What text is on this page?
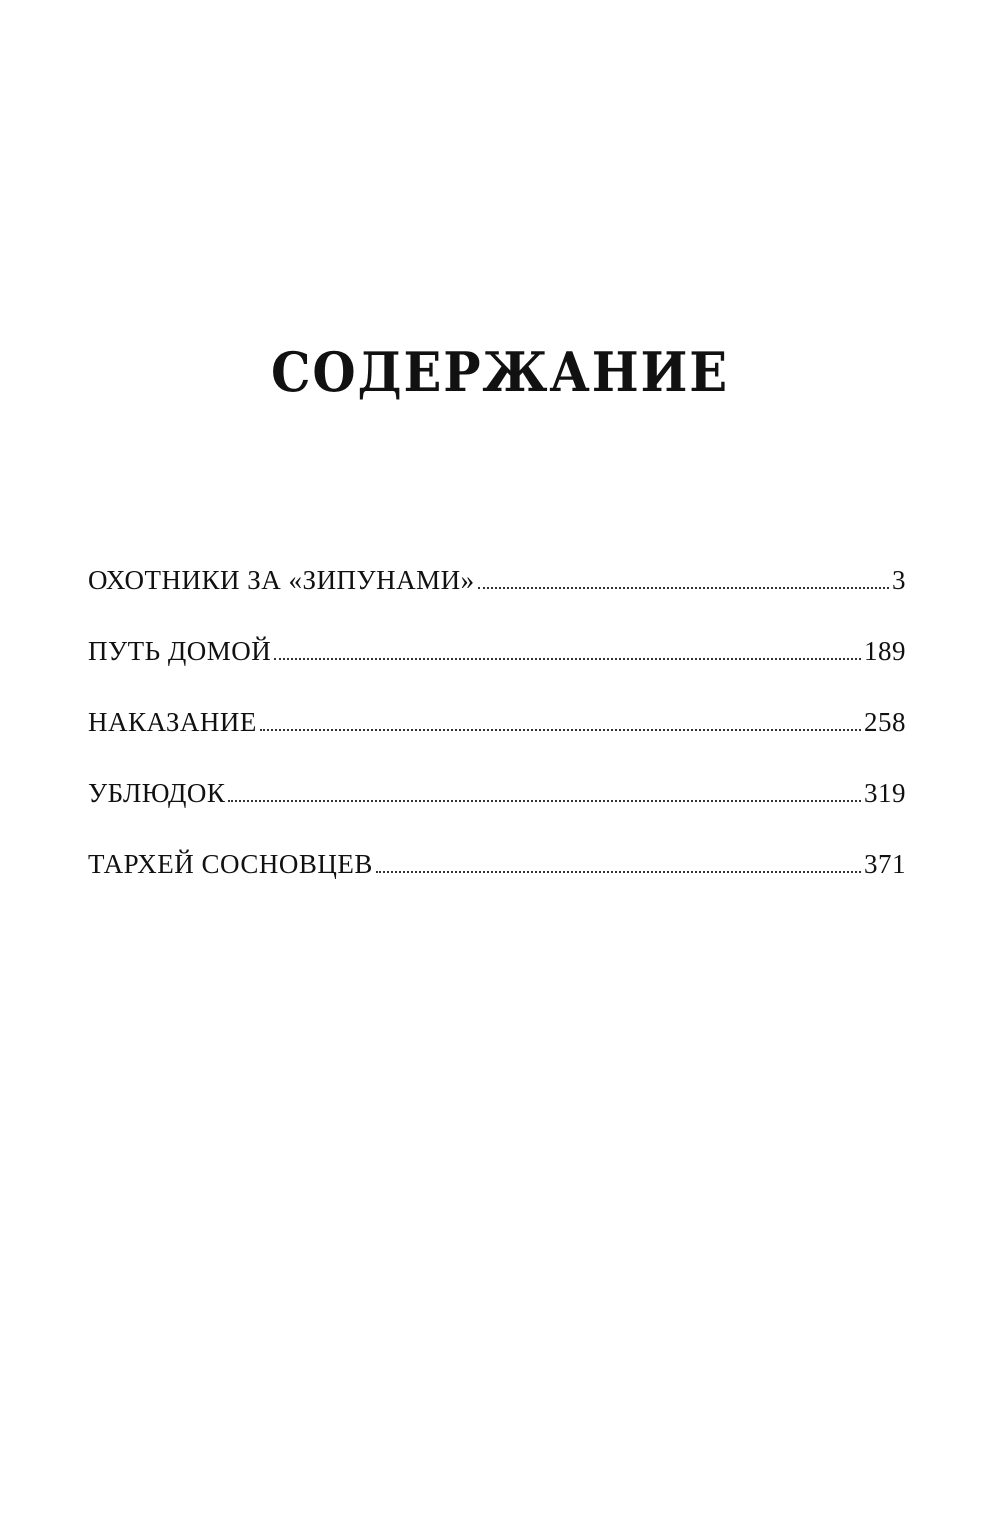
СОДЕРЖАНИЕ
ОХОТНИКИ ЗА «ЗИПУНАМИ»	3
ПУТЬ ДОМОЙ	189
НАКАЗАНИЕ	258
УБЛЮДОК	319
ТАРХЕЙ СОСНОВЦЕВ	371
